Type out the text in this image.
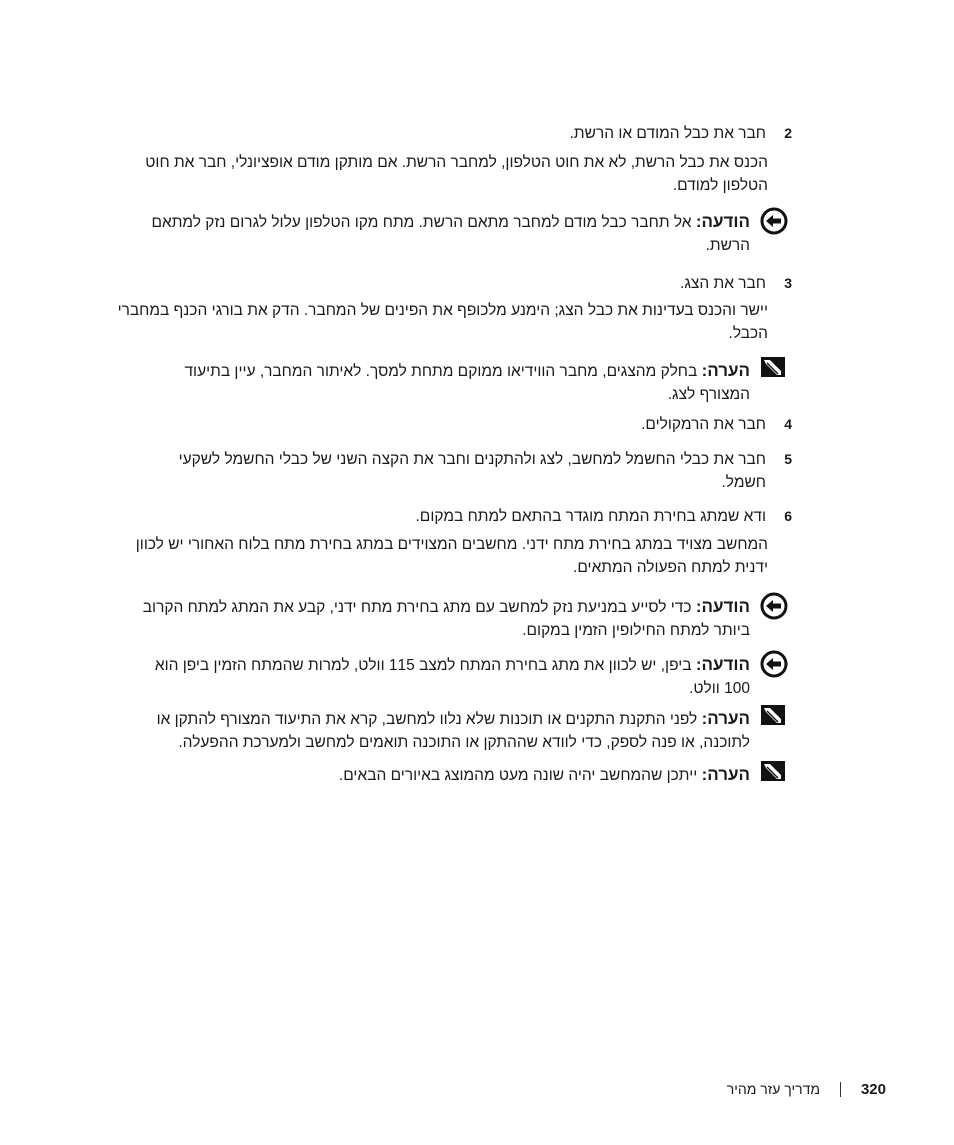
2
חבר את כבל המודם או הרשת.
הכנס את כבל הרשת, לא את חוט הטלפון, למחבר הרשת. אם מותקן מודם אופציונלי, חבר את חוט הטלפון למודם.
הודעה: אל תחבר כבל מודם למחבר מתאם הרשת. מתח מקו הטלפון עלול לגרום נזק למתאם הרשת.
3
חבר את הצג.
יישר והכנס בעדינות את כבל הצג; הימנע מלכופף את הפינים של המחבר. הדק את בורגי הכנף במחברי הכבל.
הערה: בחלק מהצגים, מחבר הווידיאו ממוקם מתחת למסך. לאיתור המחבר, עיין בתיעוד המצורף לצג.
4
חבר את הרמקולים.
5
חבר את כבלי החשמל למחשב, לצג ולהתקנים וחבר את הקצה השני של כבלי החשמל לשקעי חשמל.
6
ודא שמתג בחירת המתח מוגדר בהתאם למתח במקום.
המחשב מצויד במתג בחירת מתח ידני. מחשבים המצוידים במתג בחירת מתח בלוח האחורי יש לכוון ידנית למתח הפעולה המתאים.
הודעה: כדי לסייע במניעת נזק למחשב עם מתג בחירת מתח ידני, קבע את המתג למתח הקרוב ביותר למתח החילופין הזמין במקום.
הודעה: ביפן, יש לכוון את מתג בחירת המתח למצב 115 וולט, למרות שהמתח הזמין ביפן הוא 100 וולט.
הערה: לפני התקנת התקנים או תוכנות שלא נלוו למחשב, קרא את התיעוד המצורף להתקן או לתוכנה, או פנה לספק, כדי לוודא שההתקן או התוכנה תואמים למחשב ולמערכת ההפעלה.
הערה: ייתכן שהמחשב יהיה שונה מעט מהמוצג באיורים הבאים.
מדריך עזר מהיר	320
